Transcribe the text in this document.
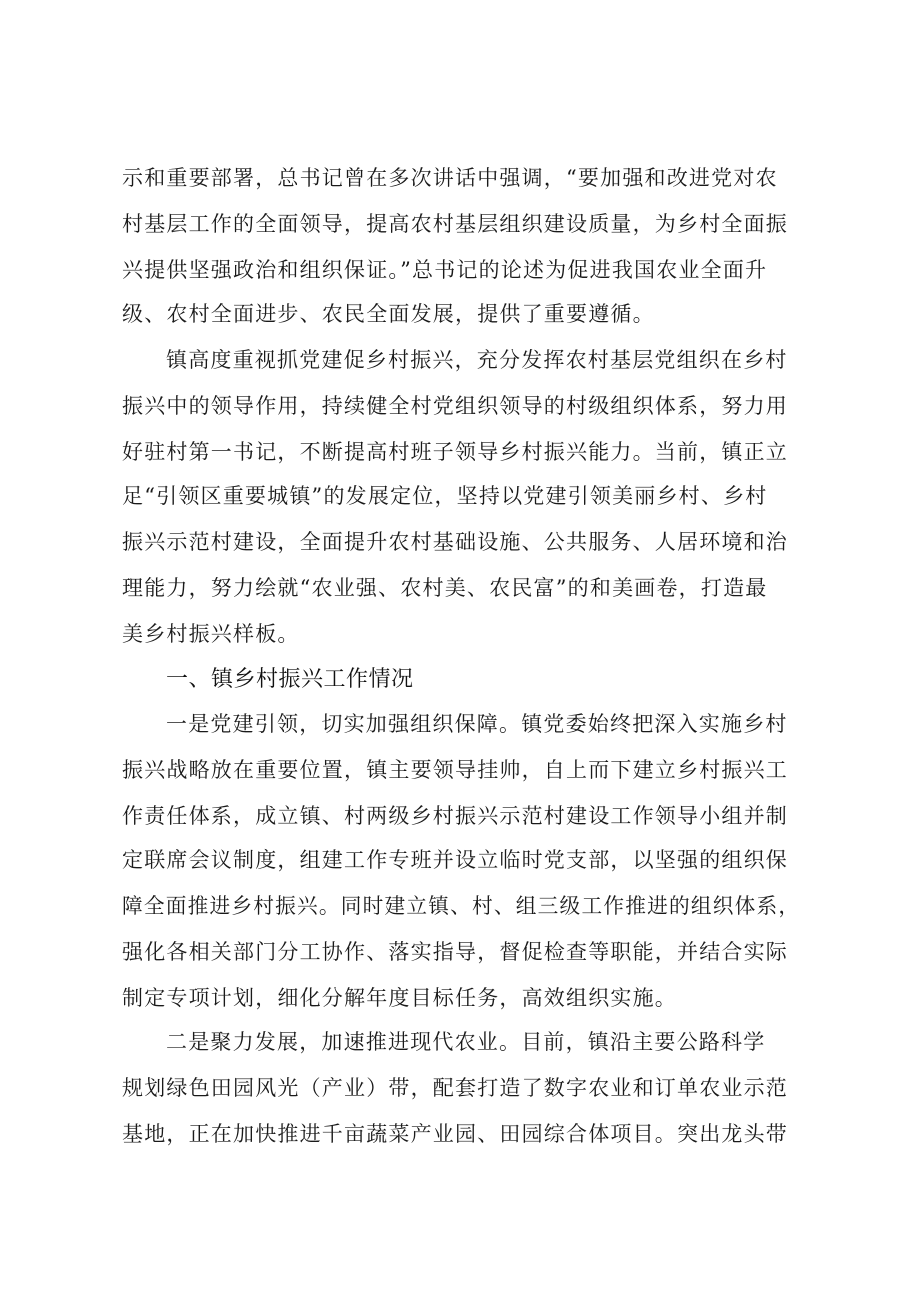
示和重要部署，总书记曾在多次讲话中强调，“要加强和改进党对农
村基层工作的全面领导，提高农村基层组织建设质量，为乡村全面振
兴提供坚强政治和组织保证。”总书记的论述为促进我国农业全面升
级、农村全面进步、农民全面发展，提供了重要遵循。
镇高度重视抓党建促乡村振兴，充分发挥农村基层党组织在乡村
振兴中的领导作用，持续健全村党组织领导的村级组织体系，努力用
好驻村第一书记，不断提高村班子领导乡村振兴能力。当前，镇正立
足“引领区重要城镇”的发展定位，坚持以党建引领美丽乡村、乡村
振兴示范村建设，全面提升农村基础设施、公共服务、人居环境和治
理能力，努力绘就“农业强、农村美、农民富”的和美画卷，打造最
美乡村振兴样板。
一、镇乡村振兴工作情况
一是党建引领，切实加强组织保障。镇党委始终把深入实施乡村
振兴战略放在重要位置，镇主要领导挂帅，自上而下建立乡村振兴工
作责任体系，成立镇、村两级乡村振兴示范村建设工作领导小组并制
定联席会议制度，组建工作专班并设立临时党支部，以坚强的组织保
障全面推进乡村振兴。同时建立镇、村、组三级工作推进的组织体系，
强化各相关部门分工协作、落实指导，督促检查等职能，并结合实际
制定专项计划，细化分解年度目标任务，高效组织实施。
二是聚力发展，加速推进现代农业。目前，镇沿主要公路科学
规划绿色田园风光（产业）带，配套打造了数字农业和订单农业示范
基地，正在加快推进千亩蔬菜产业园、田园综合体项目。突出龙头带
